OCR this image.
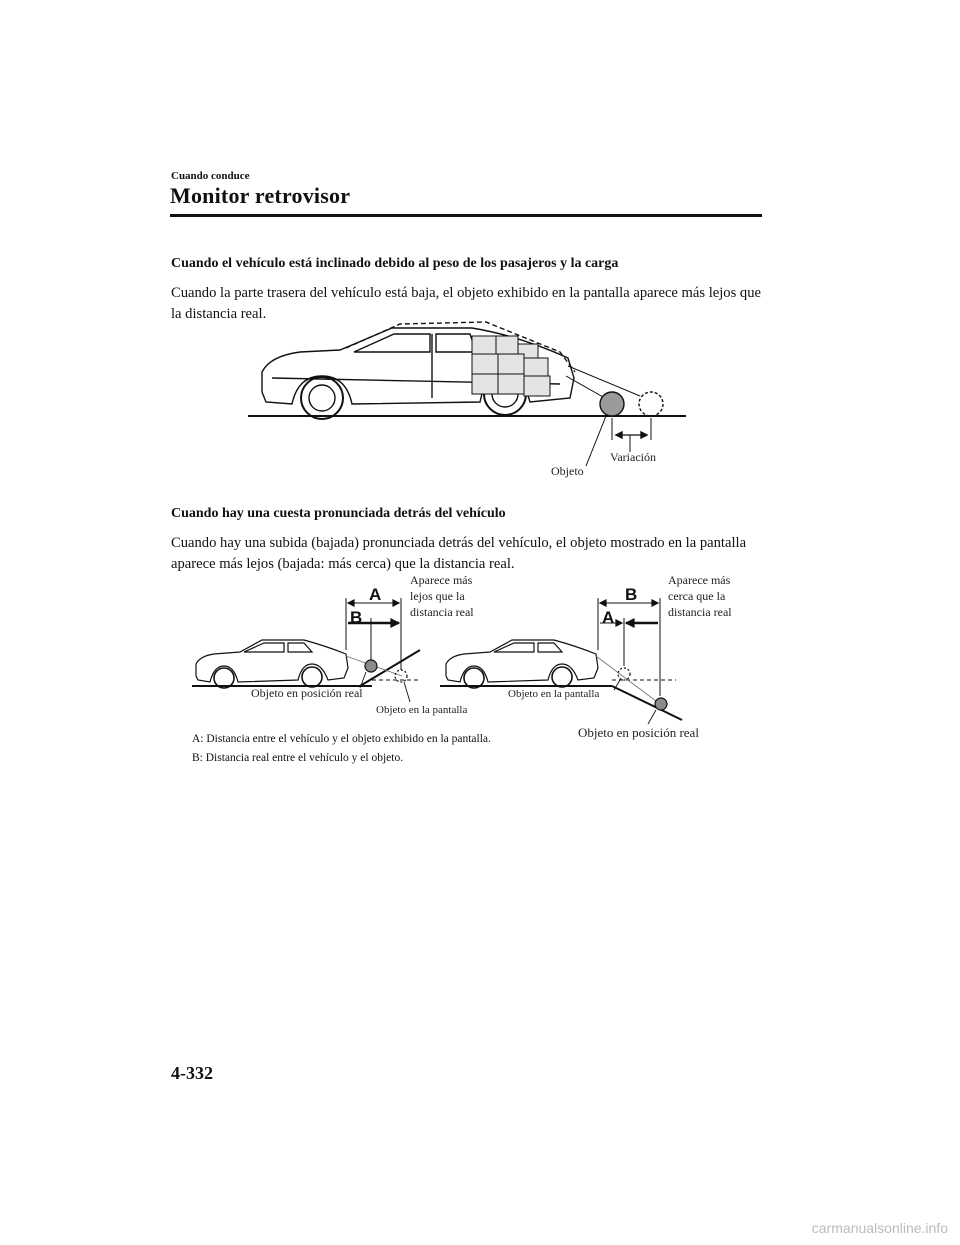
Cuando conduce
Monitor retrovisor
Cuando el vehículo está inclinado debido al peso de los pasajeros y la carga
Cuando la parte trasera del vehículo está baja, el objeto exhibido en la pantalla aparece más lejos que la distancia real.
Cuando hay una cuesta pronunciada detrás del vehículo
Cuando hay una subida (bajada) pronunciada detrás del vehículo, el objeto mostrado en la pantalla aparece más lejos (bajada: más cerca) que la distancia real.
Objeto
Variación
A
B
Aparece más
lejos que la
distancia real
Objeto en posición real
Objeto en la pantalla
B
A
Aparece más
cerca que la
distancia real
Objeto en la pantalla
Objeto en posición real
A: Distancia entre el vehículo y el objeto exhibido en la pantalla.
B: Distancia real entre el vehículo y el objeto.
4-332
carmanualsonline.info
